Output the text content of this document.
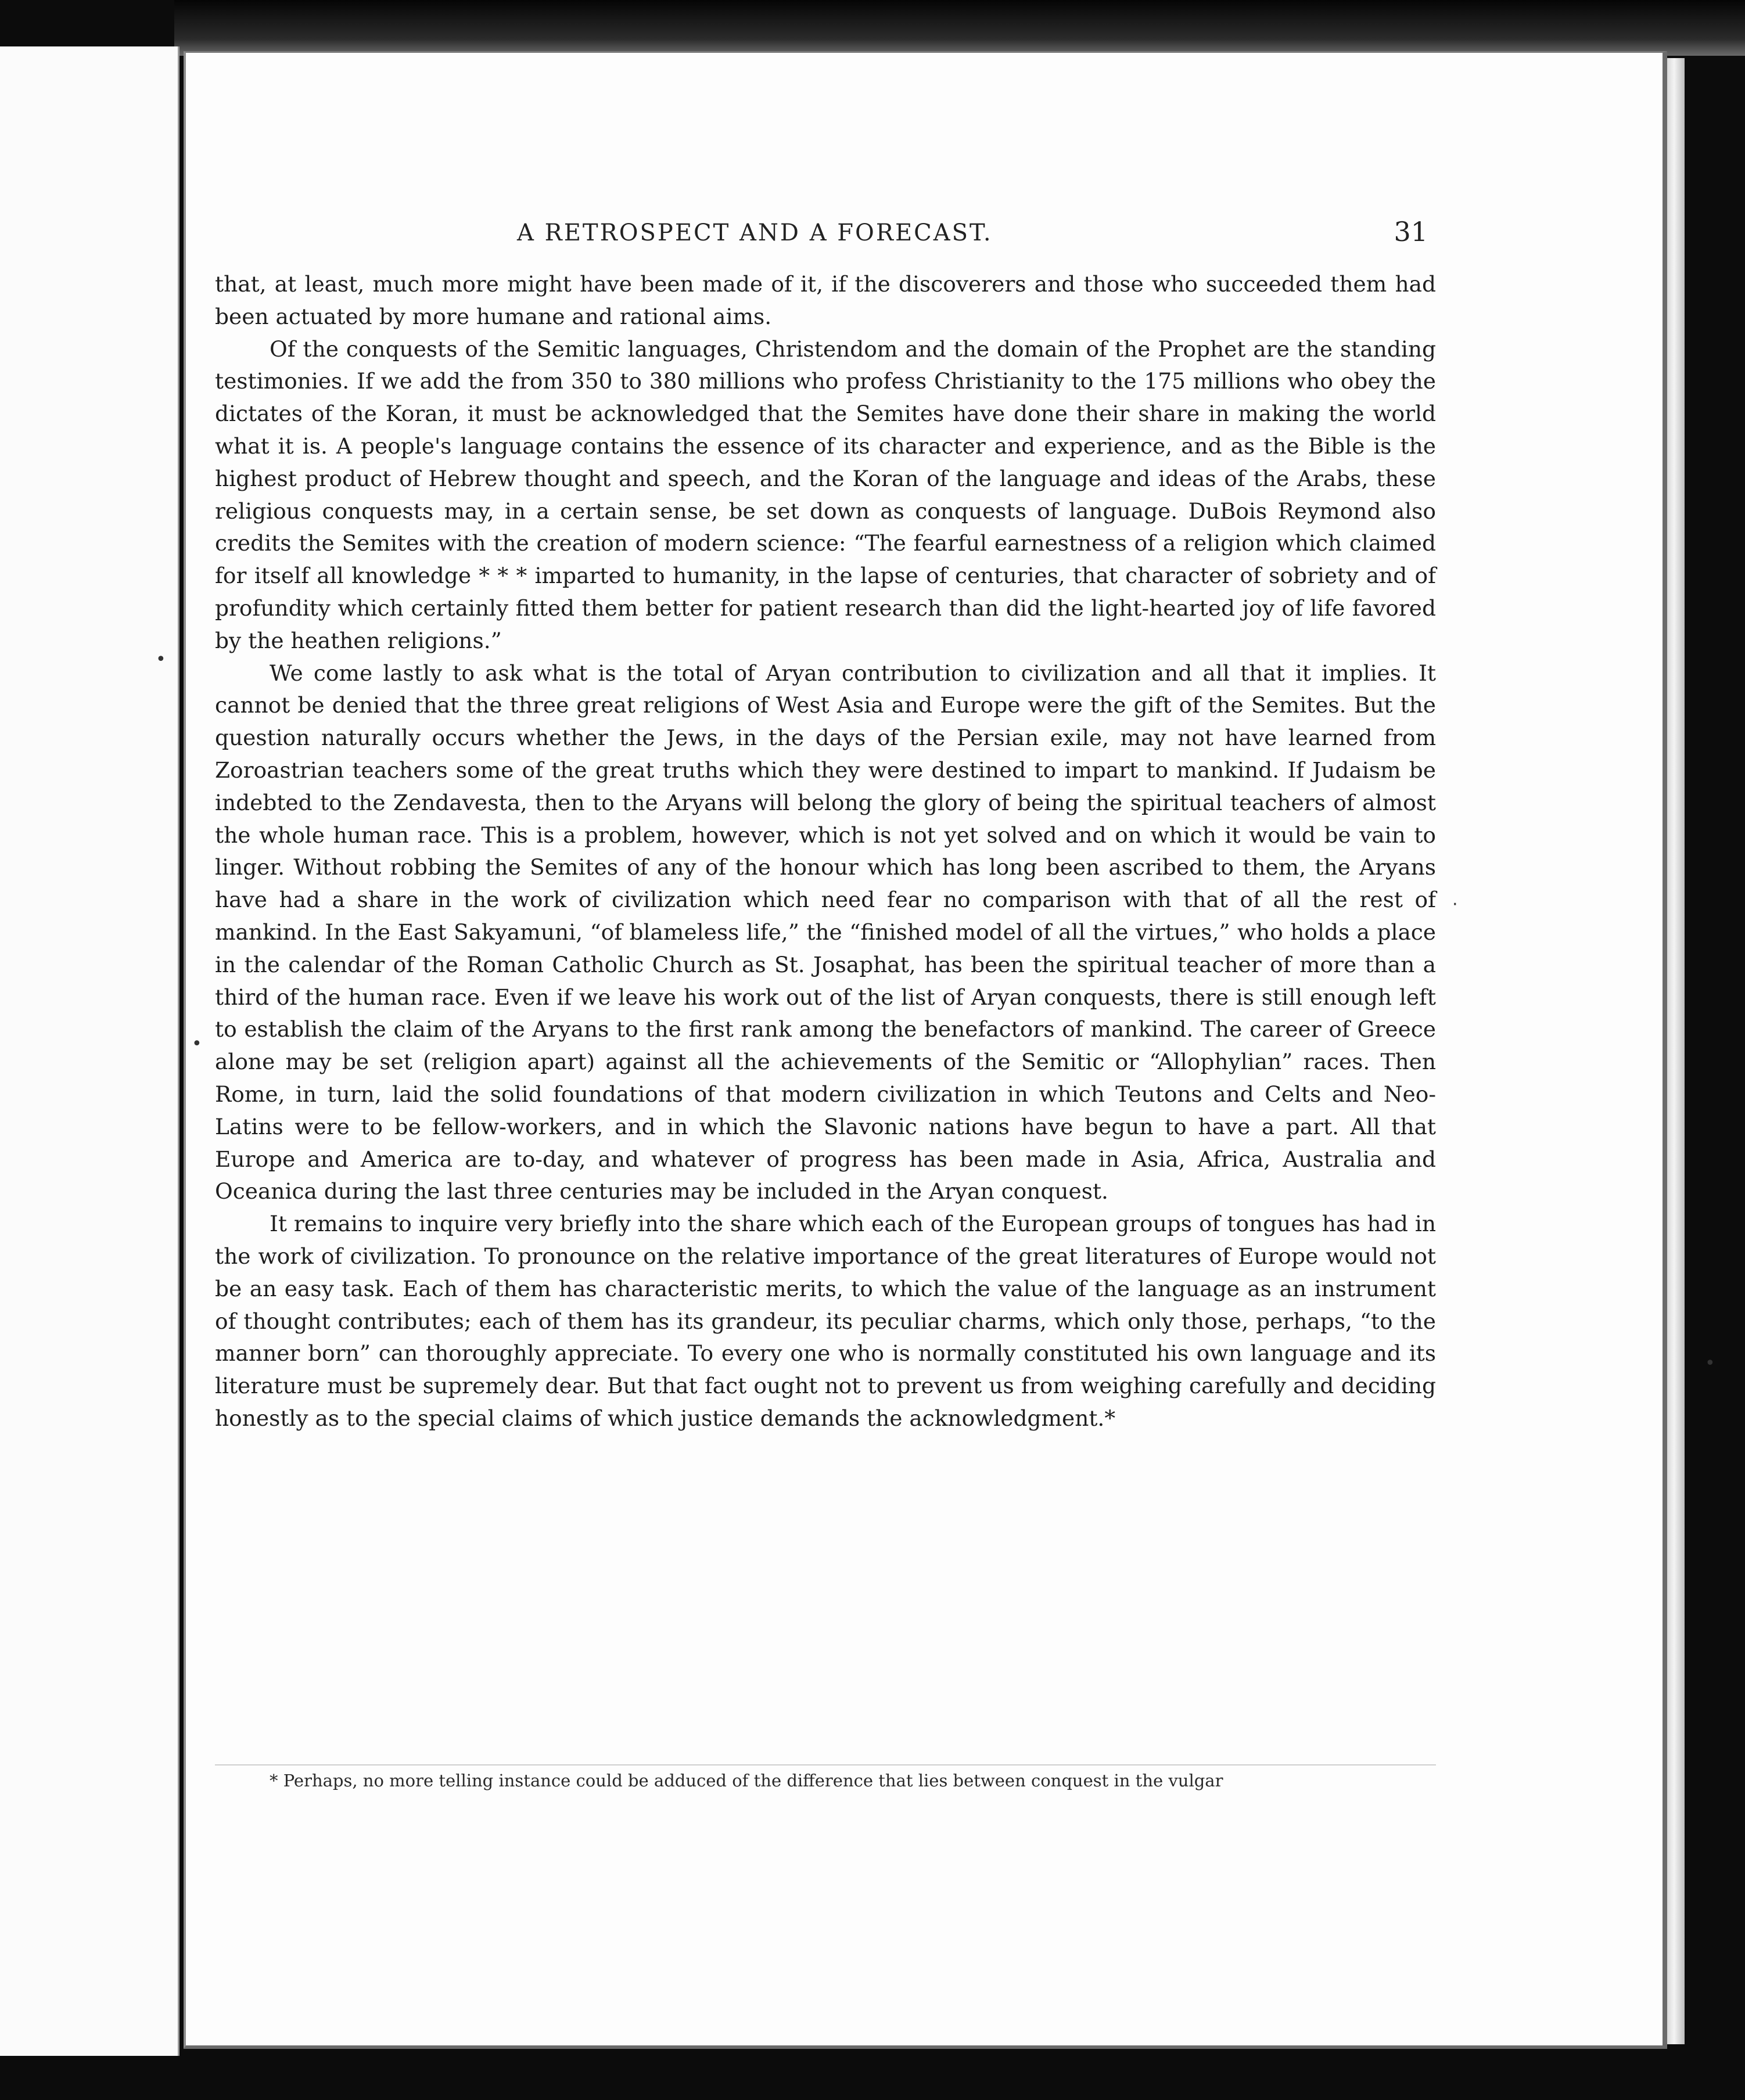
A RETROSPECT AND A FORECAST.	31

that, at least, much more might have been made of it, if the discoverers and those who succeeded them had been actuated by more humane and rational aims.

Of the conquests of the Semitic languages, Christendom and the domain of the Prophet are the standing testimonies. If we add the from 350 to 380 millions who profess Christianity to the 175 millions who obey the dictates of the Koran, it must be acknowledged that the Semites have done their share in making the world what it is. A people's language contains the essence of its character and experience, and as the Bible is the highest product of Hebrew thought and speech, and the Koran of the language and ideas of the Arabs, these religious conquests may, in a certain sense, be set down as conquests of language. DuBois Reymond also credits the Semites with the creation of modern science: “The fearful earnestness of a religion which claimed for itself all knowledge * * * imparted to humanity, in the lapse of centuries, that character of sobriety and of profundity which certainly fitted them better for patient research than did the light-hearted joy of life favored by the heathen religions.”

We come lastly to ask what is the total of Aryan contribution to civilization and all that it implies. It cannot be denied that the three great religions of West Asia and Europe were the gift of the Semites. But the question naturally occurs whether the Jews, in the days of the Persian exile, may not have learned from Zoroastrian teachers some of the great truths which they were destined to impart to mankind. If Judaism be indebted to the Zendavesta, then to the Aryans will belong the glory of being the spiritual teachers of almost the whole human race. This is a problem, however, which is not yet solved and on which it would be vain to linger. Without robbing the Semites of any of the honour which has long been ascribed to them, the Aryans have had a share in the work of civilization which need fear no comparison with that of all the rest of mankind. In the East Sakyamuni, “of blameless life,” the “finished model of all the virtues,” who holds a place in the calendar of the Roman Catholic Church as St. Josaphat, has been the spiritual teacher of more than a third of the human race. Even if we leave his work out of the list of Aryan conquests, there is still enough left to establish the claim of the Aryans to the first rank among the benefactors of mankind. The career of Greece alone may be set (religion apart) against all the achievements of the Semitic or “Allophylian” races. Then Rome, in turn, laid the solid foundations of that modern civilization in which Teutons and Celts and Neo-Latins were to be fellow-workers, and in which the Slavonic nations have begun to have a part. All that Europe and America are to-day, and whatever of progress has been made in Asia, Africa, Australia and Oceanica during the last three centuries may be included in the Aryan conquest.

It remains to inquire very briefly into the share which each of the European groups of tongues has had in the work of civilization. To pronounce on the relative importance of the great literatures of Europe would not be an easy task. Each of them has characteristic merits, to which the value of the language as an instrument of thought contributes; each of them has its grandeur, its peculiar charms, which only those, perhaps, “to the manner born” can thoroughly appreciate. To every one who is normally constituted his own language and its literature must be supremely dear. But that fact ought not to prevent us from weighing carefully and deciding honestly as to the special claims of which justice demands the acknowledgment.*

* Perhaps, no more telling instance could be adduced of the difference that lies between conquest in the vulgar
•
•
·
•
